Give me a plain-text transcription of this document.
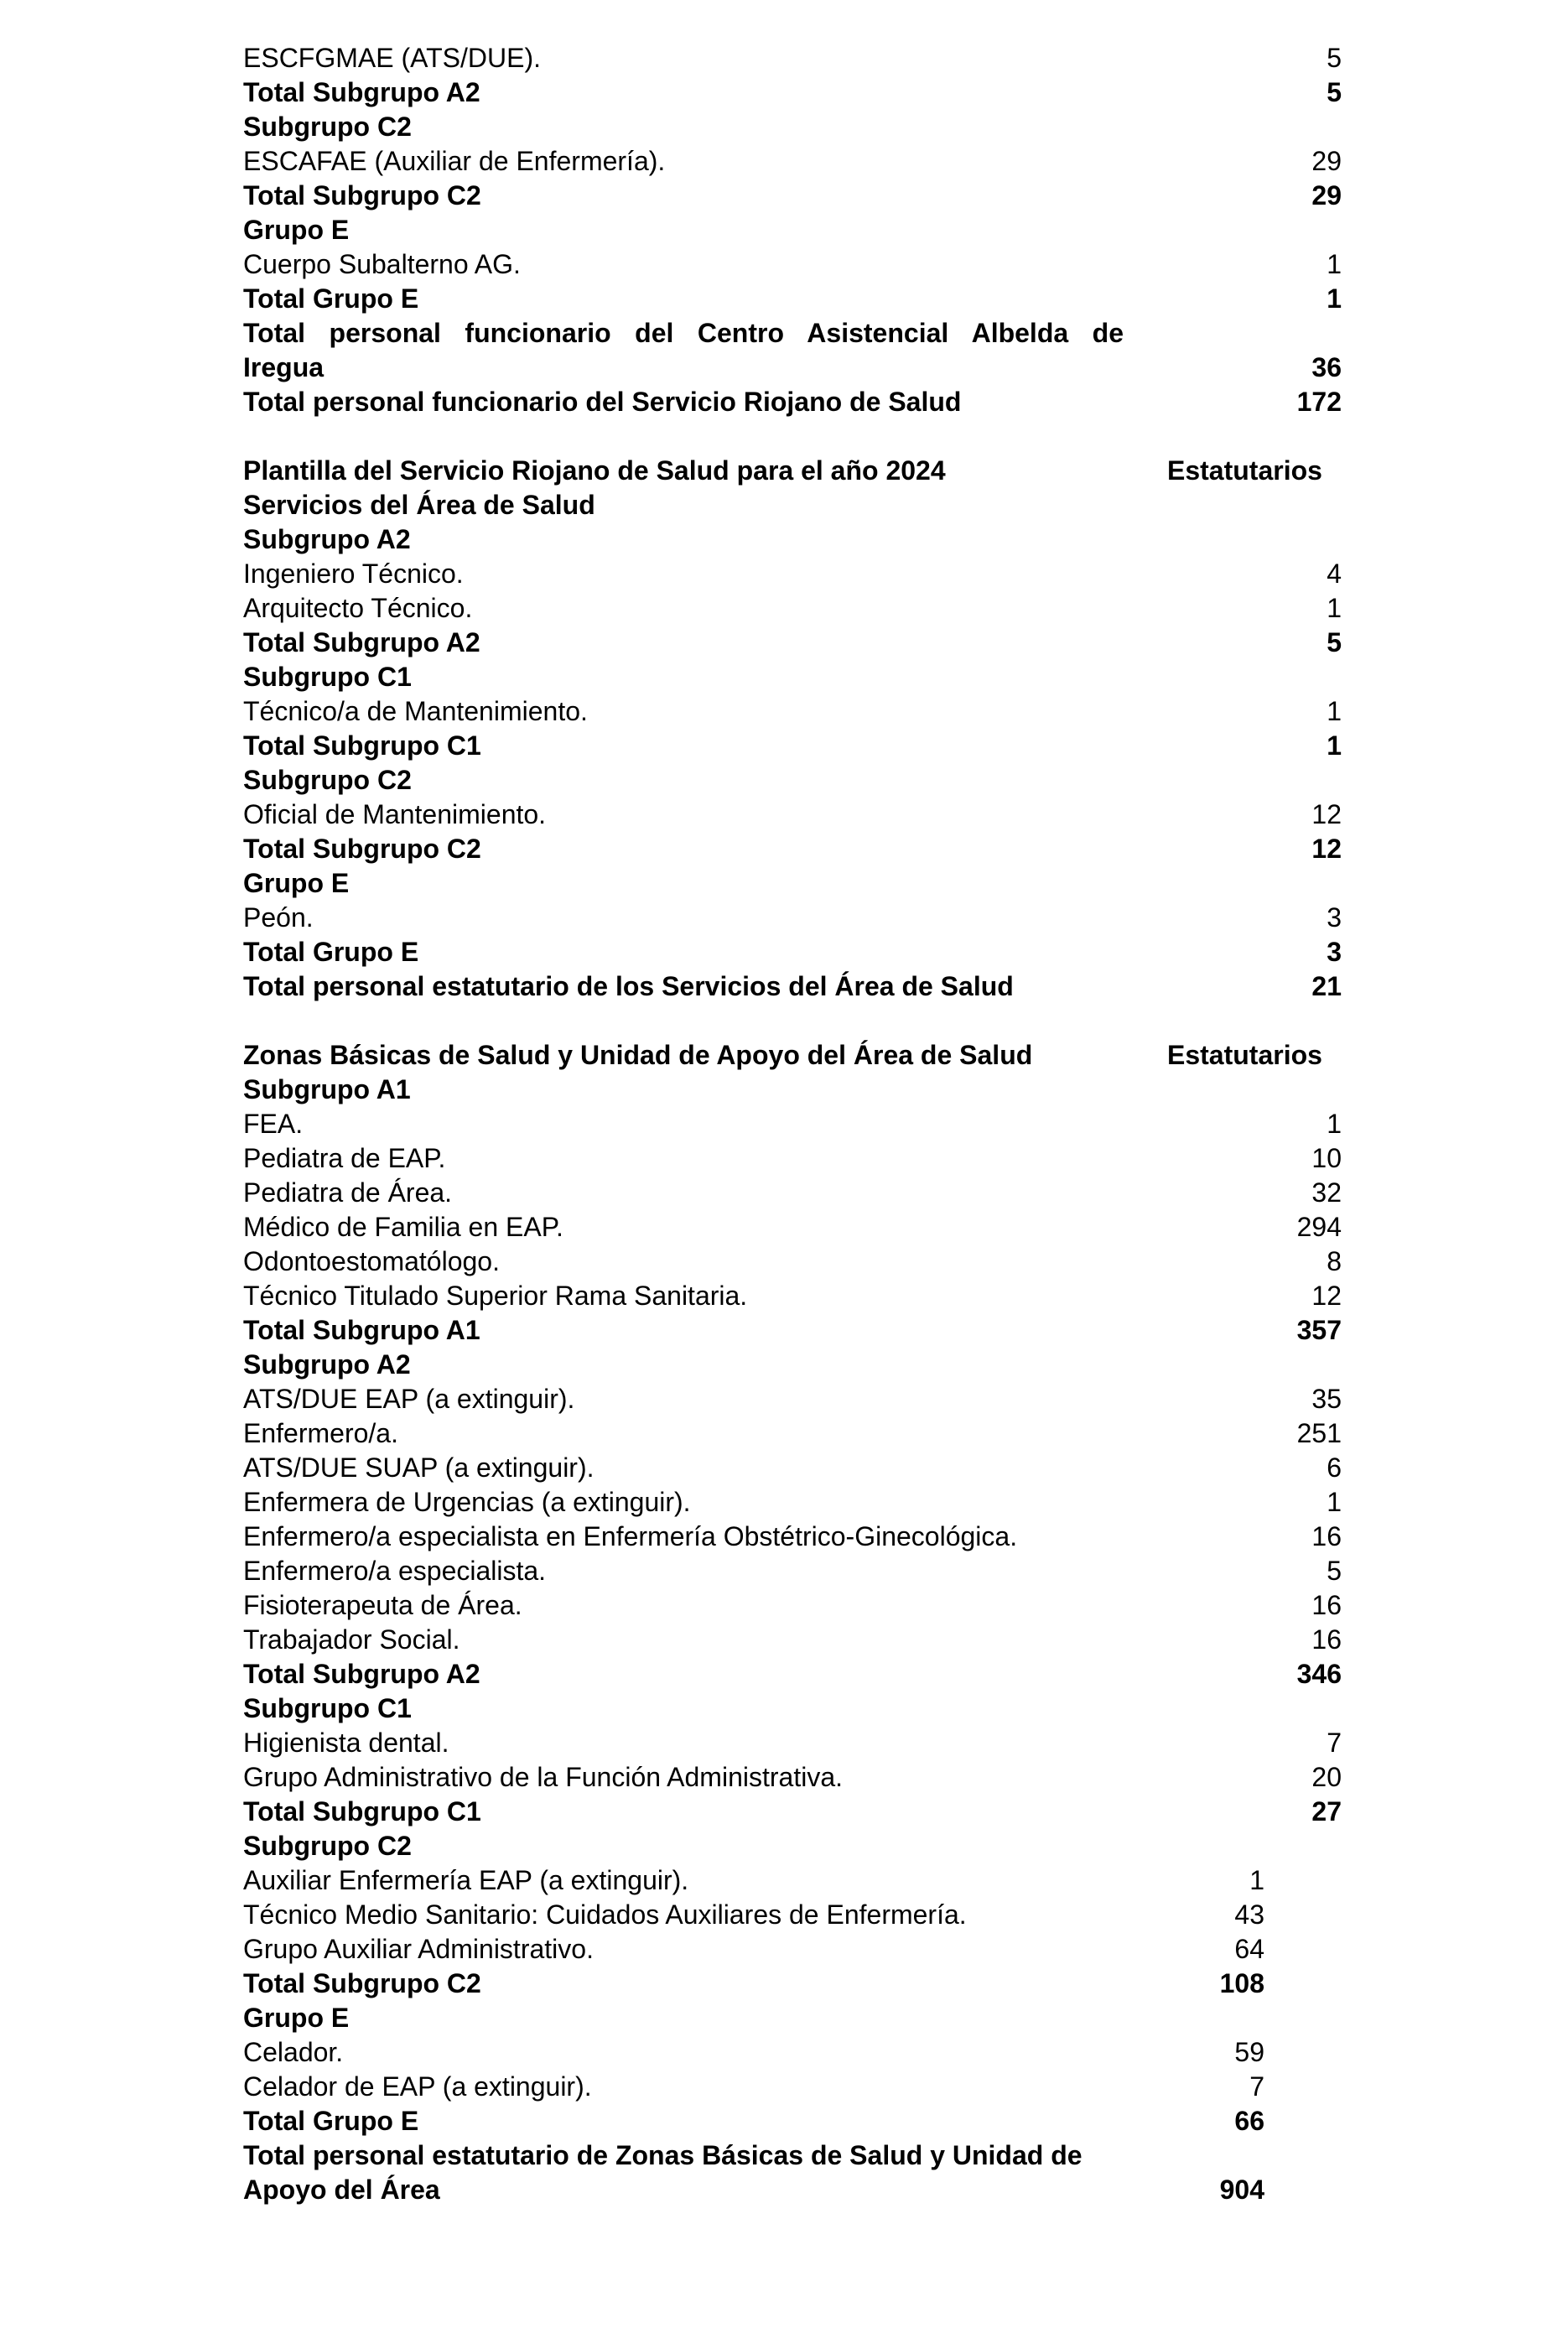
ESCFGMAE (ATS/DUE).	5
Total Subgrupo A2	5
Subgrupo C2
ESCAFAE (Auxiliar de Enfermería).	29
Total Subgrupo C2	29
Grupo E
Cuerpo Subalterno AG.	1
Total Grupo E	1
Total personal funcionario del Centro Asistencial Albelda de
Iregua	36
Total personal funcionario del Servicio Riojano de Salud	172
Plantilla del Servicio Riojano de Salud para el año 2024	Estatutarios
Servicios del Área de Salud
Subgrupo A2
Ingeniero Técnico.	4
Arquitecto Técnico.	1
Total Subgrupo A2	5
Subgrupo C1
Técnico/a de Mantenimiento.	1
Total Subgrupo C1	1
Subgrupo C2
Oficial de Mantenimiento.	12
Total Subgrupo C2	12
Grupo E
Peón.	3
Total Grupo E	3
Total personal estatutario de los Servicios del Área de Salud	21
Zonas Básicas de Salud y Unidad de Apoyo del Área de Salud	Estatutarios
Subgrupo A1
FEA.	1
Pediatra de EAP.	10
Pediatra de Área.	32
Médico de Familia en EAP.	294
Odontoestomatólogo.	8
Técnico Titulado Superior Rama Sanitaria.	12
Total Subgrupo A1	357
Subgrupo A2
ATS/DUE EAP (a extinguir).	35
Enfermero/a.	251
ATS/DUE SUAP (a extinguir).	6
Enfermera de Urgencias (a extinguir).	1
Enfermero/a especialista en Enfermería Obstétrico-Ginecológica.	16
Enfermero/a especialista.	5
Fisioterapeuta de Área.	16
Trabajador Social.	16
Total Subgrupo A2	346
Subgrupo C1
Higienista dental.	7
Grupo Administrativo de la Función Administrativa.	20
Total Subgrupo C1	27
Subgrupo C2
Auxiliar Enfermería EAP (a extinguir).	1
Técnico Medio Sanitario: Cuidados Auxiliares de Enfermería.	43
Grupo Auxiliar Administrativo.	64
Total Subgrupo C2	108
Grupo E
Celador.	59
Celador de EAP (a extinguir).	7
Total Grupo E	66
Total personal estatutario de Zonas Básicas de Salud y Unidad de
Apoyo del Área	904
